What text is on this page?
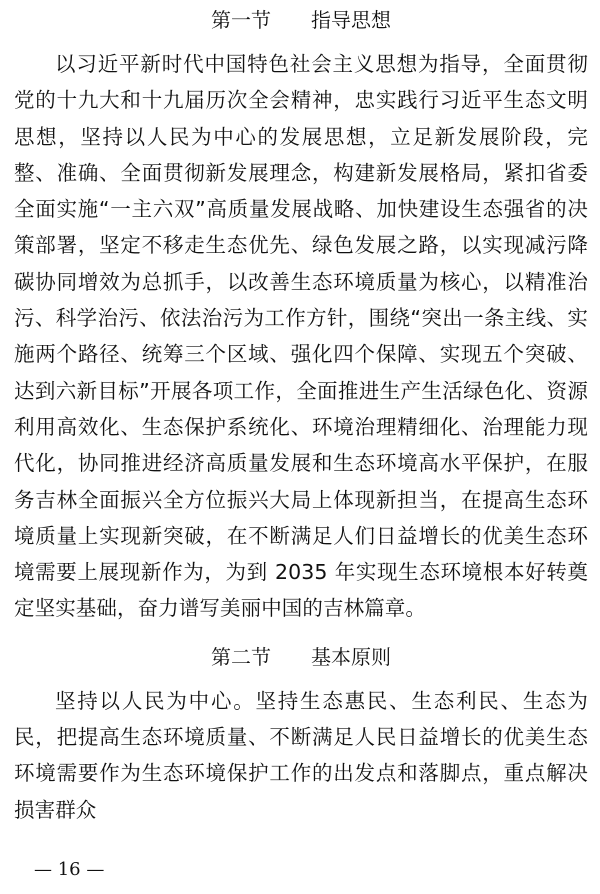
第一节　　指导思想

以习近平新时代中国特色社会主义思想为指导，全面贯彻党的十九大和十九届历次全会精神，忠实践行习近平生态文明思想，坚持以人民为中心的发展思想，立足新发展阶段，完整、准确、全面贯彻新发展理念，构建新发展格局，紧扣省委全面实施“一主六双”高质量发展战略、加快建设生态强省的决策部署，坚定不移走生态优先、绿色发展之路，以实现减污降碳协同增效为总抓手，以改善生态环境质量为核心，以精准治污、科学治污、依法治污为工作方针，围绕“突出一条主线、实施两个路径、统筹三个区域、强化四个保障、实现五个突破、达到六新目标”开展各项工作，全面推进生产生活绿色化、资源利用高效化、生态保护系统化、环境治理精细化、治理能力现代化，协同推进经济高质量发展和生态环境高水平保护，在服务吉林全面振兴全方位振兴大局上体现新担当，在提高生态环境质量上实现新突破，在不断满足人们日益增长的优美生态环境需要上展现新作为，为到 2035 年实现生态环境根本好转奠定坚实基础，奋力谱写美丽中国的吉林篇章。

第二节　　基本原则

坚持以人民为中心。坚持生态惠民、生态利民、生态为民，把提高生态环境质量、不断满足人民日益增长的优美生态环境需要作为生态环境保护工作的出发点和落脚点，重点解决损害群众

— 16 —
